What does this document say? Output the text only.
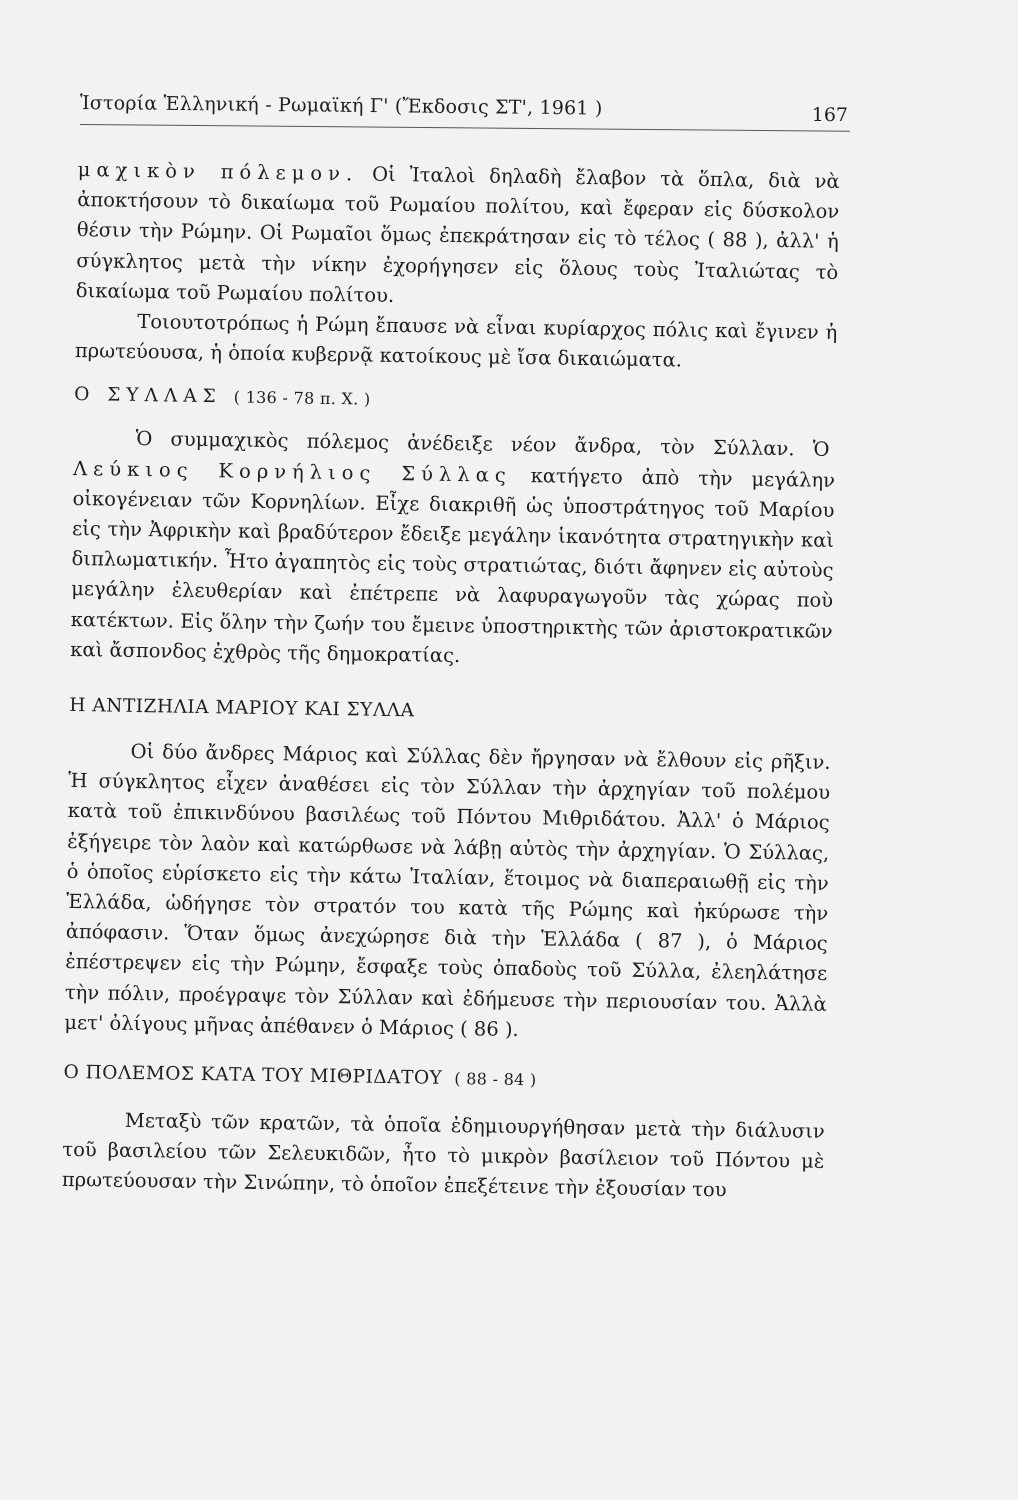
Ἱστορία Ἑλληνική - Ρωμαϊκή Γ' (Ἔκδοσις ΣΤ', 1961 )	167

μαχικὸν πόλεμον. Οἱ Ἰταλοὶ δηλαδὴ ἔλαβον τὰ ὅπλα, διὰ νὰ ἀποκτήσουν τὸ δικαίωμα τοῦ Ρωμαίου πολίτου, καὶ ἔφεραν εἰς δύσκολον θέσιν τὴν Ρώμην. Οἱ Ρωμαῖοι ὅμως ἐπεκράτησαν εἰς τὸ τέλος ( 88 ), ἀλλ' ἡ σύγκλητος μετὰ τὴν νίκην ἐχορήγησεν εἰς ὅλους τοὺς Ἰταλιώτας τὸ δικαίωμα τοῦ Ρωμαίου πολίτου.

Τοιουτοτρόπως ἡ Ρώμη ἔπαυσε νὰ εἶναι κυρίαρχος πόλις καὶ ἔγινεν ἡ πρωτεύουσα, ἡ ὁποία κυβερνᾷ κατοίκους μὲ ἴσα δικαιώματα.

Ο ΣΥΛΛΑΣ ( 136 - 78 π. Χ. )

Ὁ συμμαχικὸς πόλεμος ἀνέδειξε νέον ἄνδρα, τὸν Σύλλαν. Ὁ Λεύκιος Κορνήλιος Σύλλας κατήγετο ἀπὸ τὴν μεγάλην οἰκογένειαν τῶν Κορνηλίων. Εἶχε διακριθῆ ὡς ὑποστράτηγος τοῦ Μαρίου εἰς τὴν Ἀφρικὴν καὶ βραδύτερον ἔδειξε μεγάλην ἱκανότητα στρατηγικὴν καὶ διπλωματικήν. Ἦτο ἀγαπητὸς εἰς τοὺς στρατιώτας, διότι ἄφηνεν εἰς αὐτοὺς μεγάλην ἐλευθερίαν καὶ ἐπέτρεπε νὰ λαφυραγωγοῦν τὰς χώρας ποὺ κατέκτων. Εἰς ὅλην τὴν ζωήν του ἔμεινε ὑποστηρικτὴς τῶν ἀριστοκρατικῶν καὶ ἄσπονδος ἐχθρὸς τῆς δημοκρατίας.

Η ΑΝΤΙΖΗΛΙΑ ΜΑΡΙΟΥ ΚΑΙ ΣΥΛΛΑ

Οἱ δύο ἄνδρες Μάριος καὶ Σύλλας δὲν ἤργησαν νὰ ἔλθουν εἰς ρῆξιν. Ἡ σύγκλητος εἶχεν ἀναθέσει εἰς τὸν Σύλλαν τὴν ἀρχηγίαν τοῦ πολέμου κατὰ τοῦ ἐπικινδύνου βασιλέως τοῦ Πόντου Μιθριδάτου. Ἀλλ' ὁ Μάριος ἐξήγειρε τὸν λαὸν καὶ κατώρθωσε νὰ λάβῃ αὐτὸς τὴν ἀρχηγίαν. Ὁ Σύλλας, ὁ ὁποῖος εὑρίσκετο εἰς τὴν κάτω Ἰταλίαν, ἕτοιμος νὰ διαπεραιωθῇ εἰς τὴν Ἑλλάδα, ὡδήγησε τὸν στρατόν του κατὰ τῆς Ρώμης καὶ ἠκύρωσε τὴν ἀπόφασιν. Ὅταν ὅμως ἀνεχώρησε διὰ τὴν Ἑλλάδα ( 87 ), ὁ Μάριος ἐπέστρεψεν εἰς τὴν Ρώμην, ἔσφαξε τοὺς ὀπαδοὺς τοῦ Σύλλα, ἐλεηλάτησε τὴν πόλιν, προέγραψε τὸν Σύλλαν καὶ ἐδήμευσε τὴν περιουσίαν του. Ἀλλὰ μετ' ὀλίγους μῆνας ἀπέθανεν ὁ Μάριος ( 86 ).

Ο ΠΟΛΕΜΟΣ ΚΑΤΑ ΤΟΥ ΜΙΘΡΙΔΑΤΟΥ ( 88 - 84 )

Μεταξὺ τῶν κρατῶν, τὰ ὁποῖα ἐδημιουργήθησαν μετὰ τὴν διάλυσιν τοῦ βασιλείου τῶν Σελευκιδῶν, ἦτο τὸ μικρὸν βασίλειον τοῦ Πόντου μὲ πρωτεύουσαν τὴν Σινώπην, τὸ ὁποῖον ἐπεξέτεινε τὴν ἐξουσίαν του
